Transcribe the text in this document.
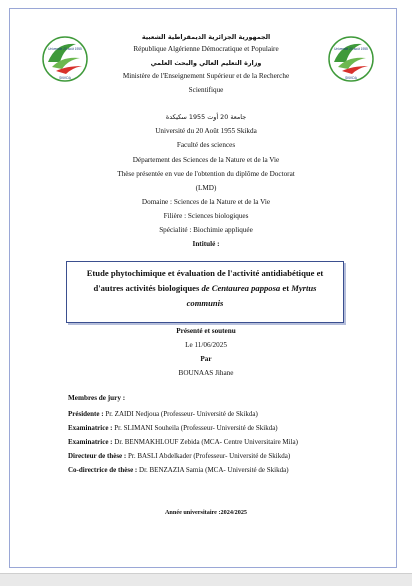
Université 20 août 1955
SKIKDA
Université 20 août 1955
SKIKDA
الجمهورية الجزائرية الديمقراطية الشعبية
République Algérienne Démocratique et Populaire
وزارة التعليم العالي والبحث العلمي
Ministère de l'Enseignement Supérieur et de la Recherche
Scientifique
جامعة 20 أوت 1955 سكيكدة
Université du 20 Août 1955 Skikda
Faculté des sciences
Département des Sciences de la Nature et de la Vie
Thèse présentée en vue de l'obtention du diplôme de Doctorat
(LMD)
Domaine : Sciences de la Nature et de la Vie
Filière : Sciences biologiques
Spécialité : Biochimie appliquée
Intitulé :
Etude phytochimique et évaluation de l'activité antidiabétique et
d'autres activités biologiques de Centaurea papposa et Myrtus
communis
Présenté et soutenu
Le 11/06/2025
Par
BOUNAAS Jihane
Membres de jury :
Présidente : Pr. ZAIDI Nedjoua (Professeur- Université de Skikda)
Examinatrice : Pr. SLIMANI Souheila (Professeur- Université de Skikda)
Examinatrice : Dr. BENMAKHLOUF Zebida (MCA- Centre Universitaire Mila)
Directeur de thèse : Pr. BASLI Abdelkader (Professeur- Université de Skikda)
Co-directrice de thèse : Dr. BENZAZIA Samia (MCA- Université de Skikda)
Année universitaire :2024/2025
